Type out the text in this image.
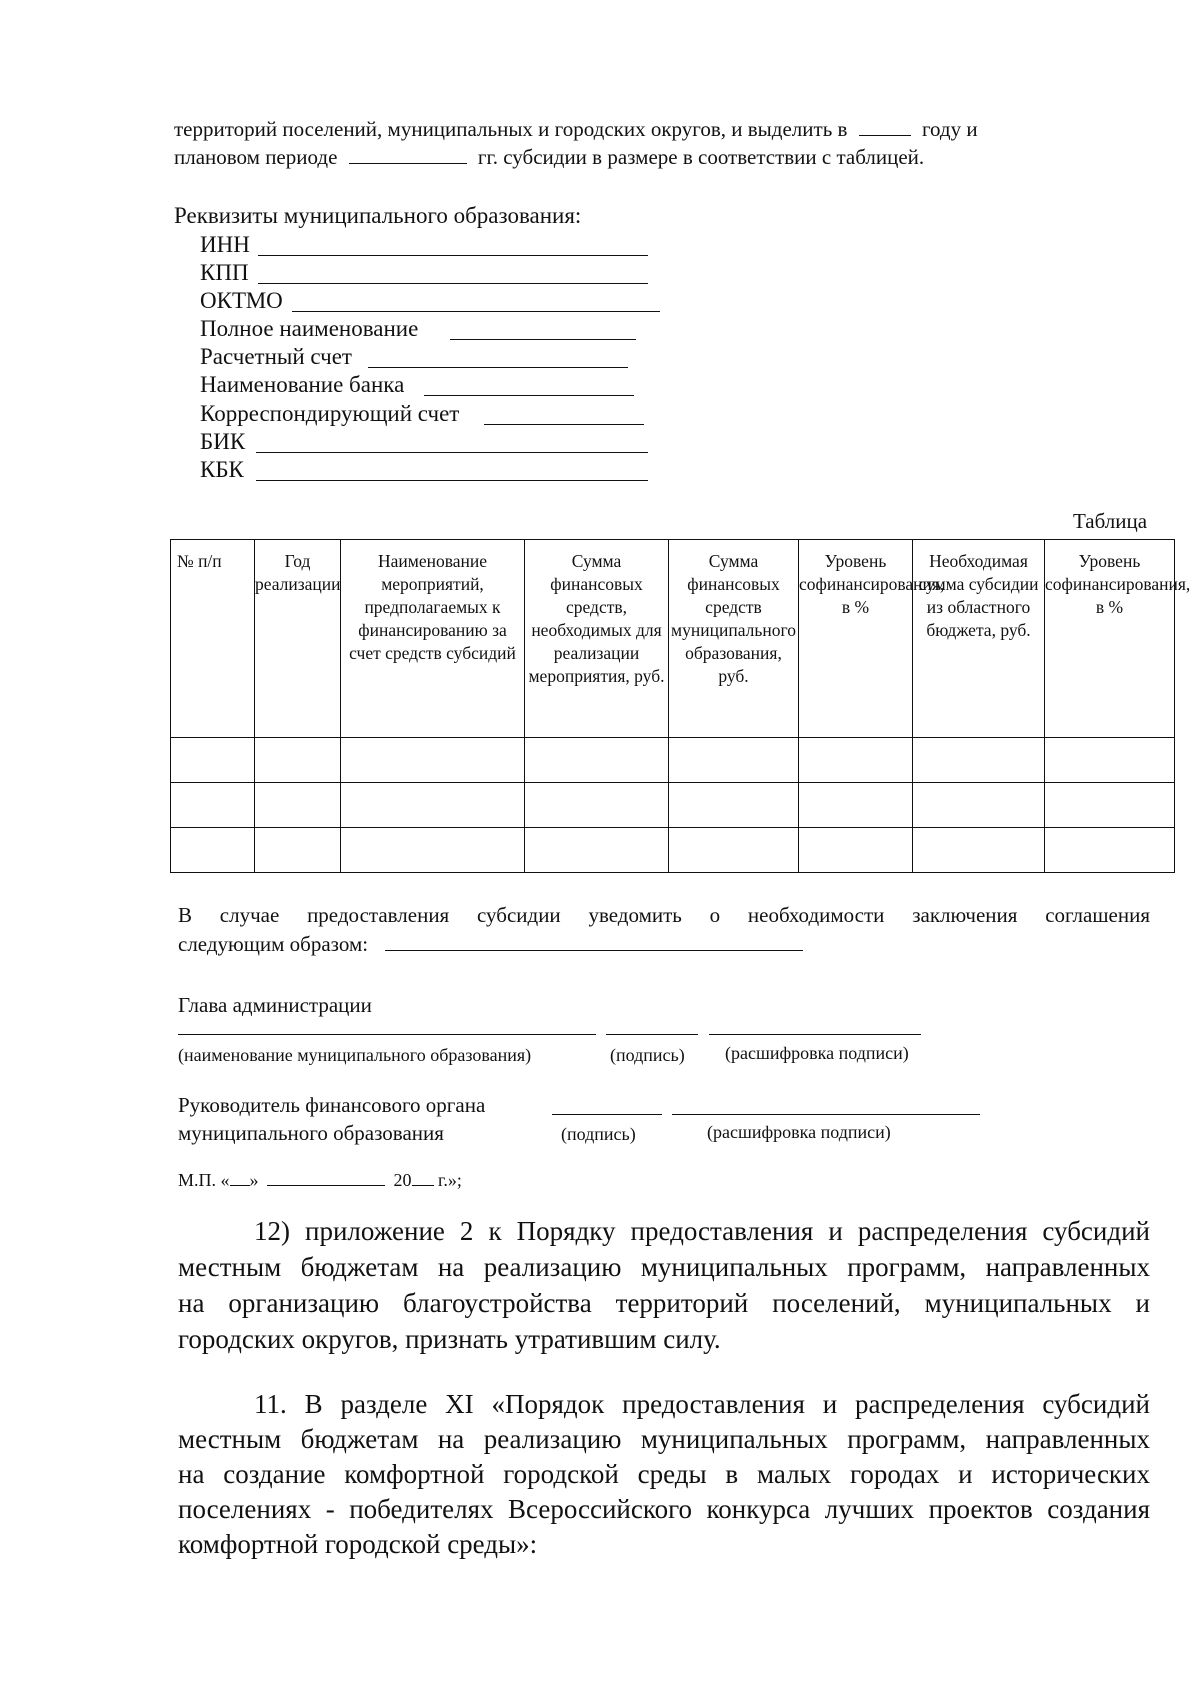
территорий поселений, муниципальных и городских округов, и выделить в	году и
плановом периоде	гг. субсидии в размере в соответствии с таблицей.
Реквизиты муниципального образования:
ИНН
КПП
ОКТМО
Полное наименование
Расчетный счет
Наименование банка
Корреспондирующий счет
БИК
КБК
Таблица
№ п/п	Год реализации	Наименование мероприятий, предполагаемых к финансированию за счет средств субсидий	Сумма финансовых средств, необходимых для реализации мероприятия, руб.	Сумма финансовых средств муниципального образования, руб.	Уровень софинансирования, в %	Необходимая сумма субсидии из областного бюджета, руб.	Уровень софинансирования, в %

В случае предоставления субсидии уведомить о необходимости заключения соглашения
следующим образом:
Глава администрации
(наименование муниципального образования)	(подпись) (расшифровка подписи)
Руководитель финансового органа
муниципального образования	(подпись)	(расшифровка подписи)
М.П. « »	20 г.»;
12) приложение 2 к Порядку предоставления и распределения субсидий
местным бюджетам на реализацию муниципальных программ, направленных
на организацию благоустройства территорий поселений, муниципальных и
городских округов, признать утратившим силу.
11. В разделе XI «Порядок предоставления и распределения субсидий
местным бюджетам на реализацию муниципальных программ, направленных
на создание комфортной городской среды в малых городах и исторических
поселениях - победителях Всероссийского конкурса лучших проектов создания
комфортной городской среды»:
